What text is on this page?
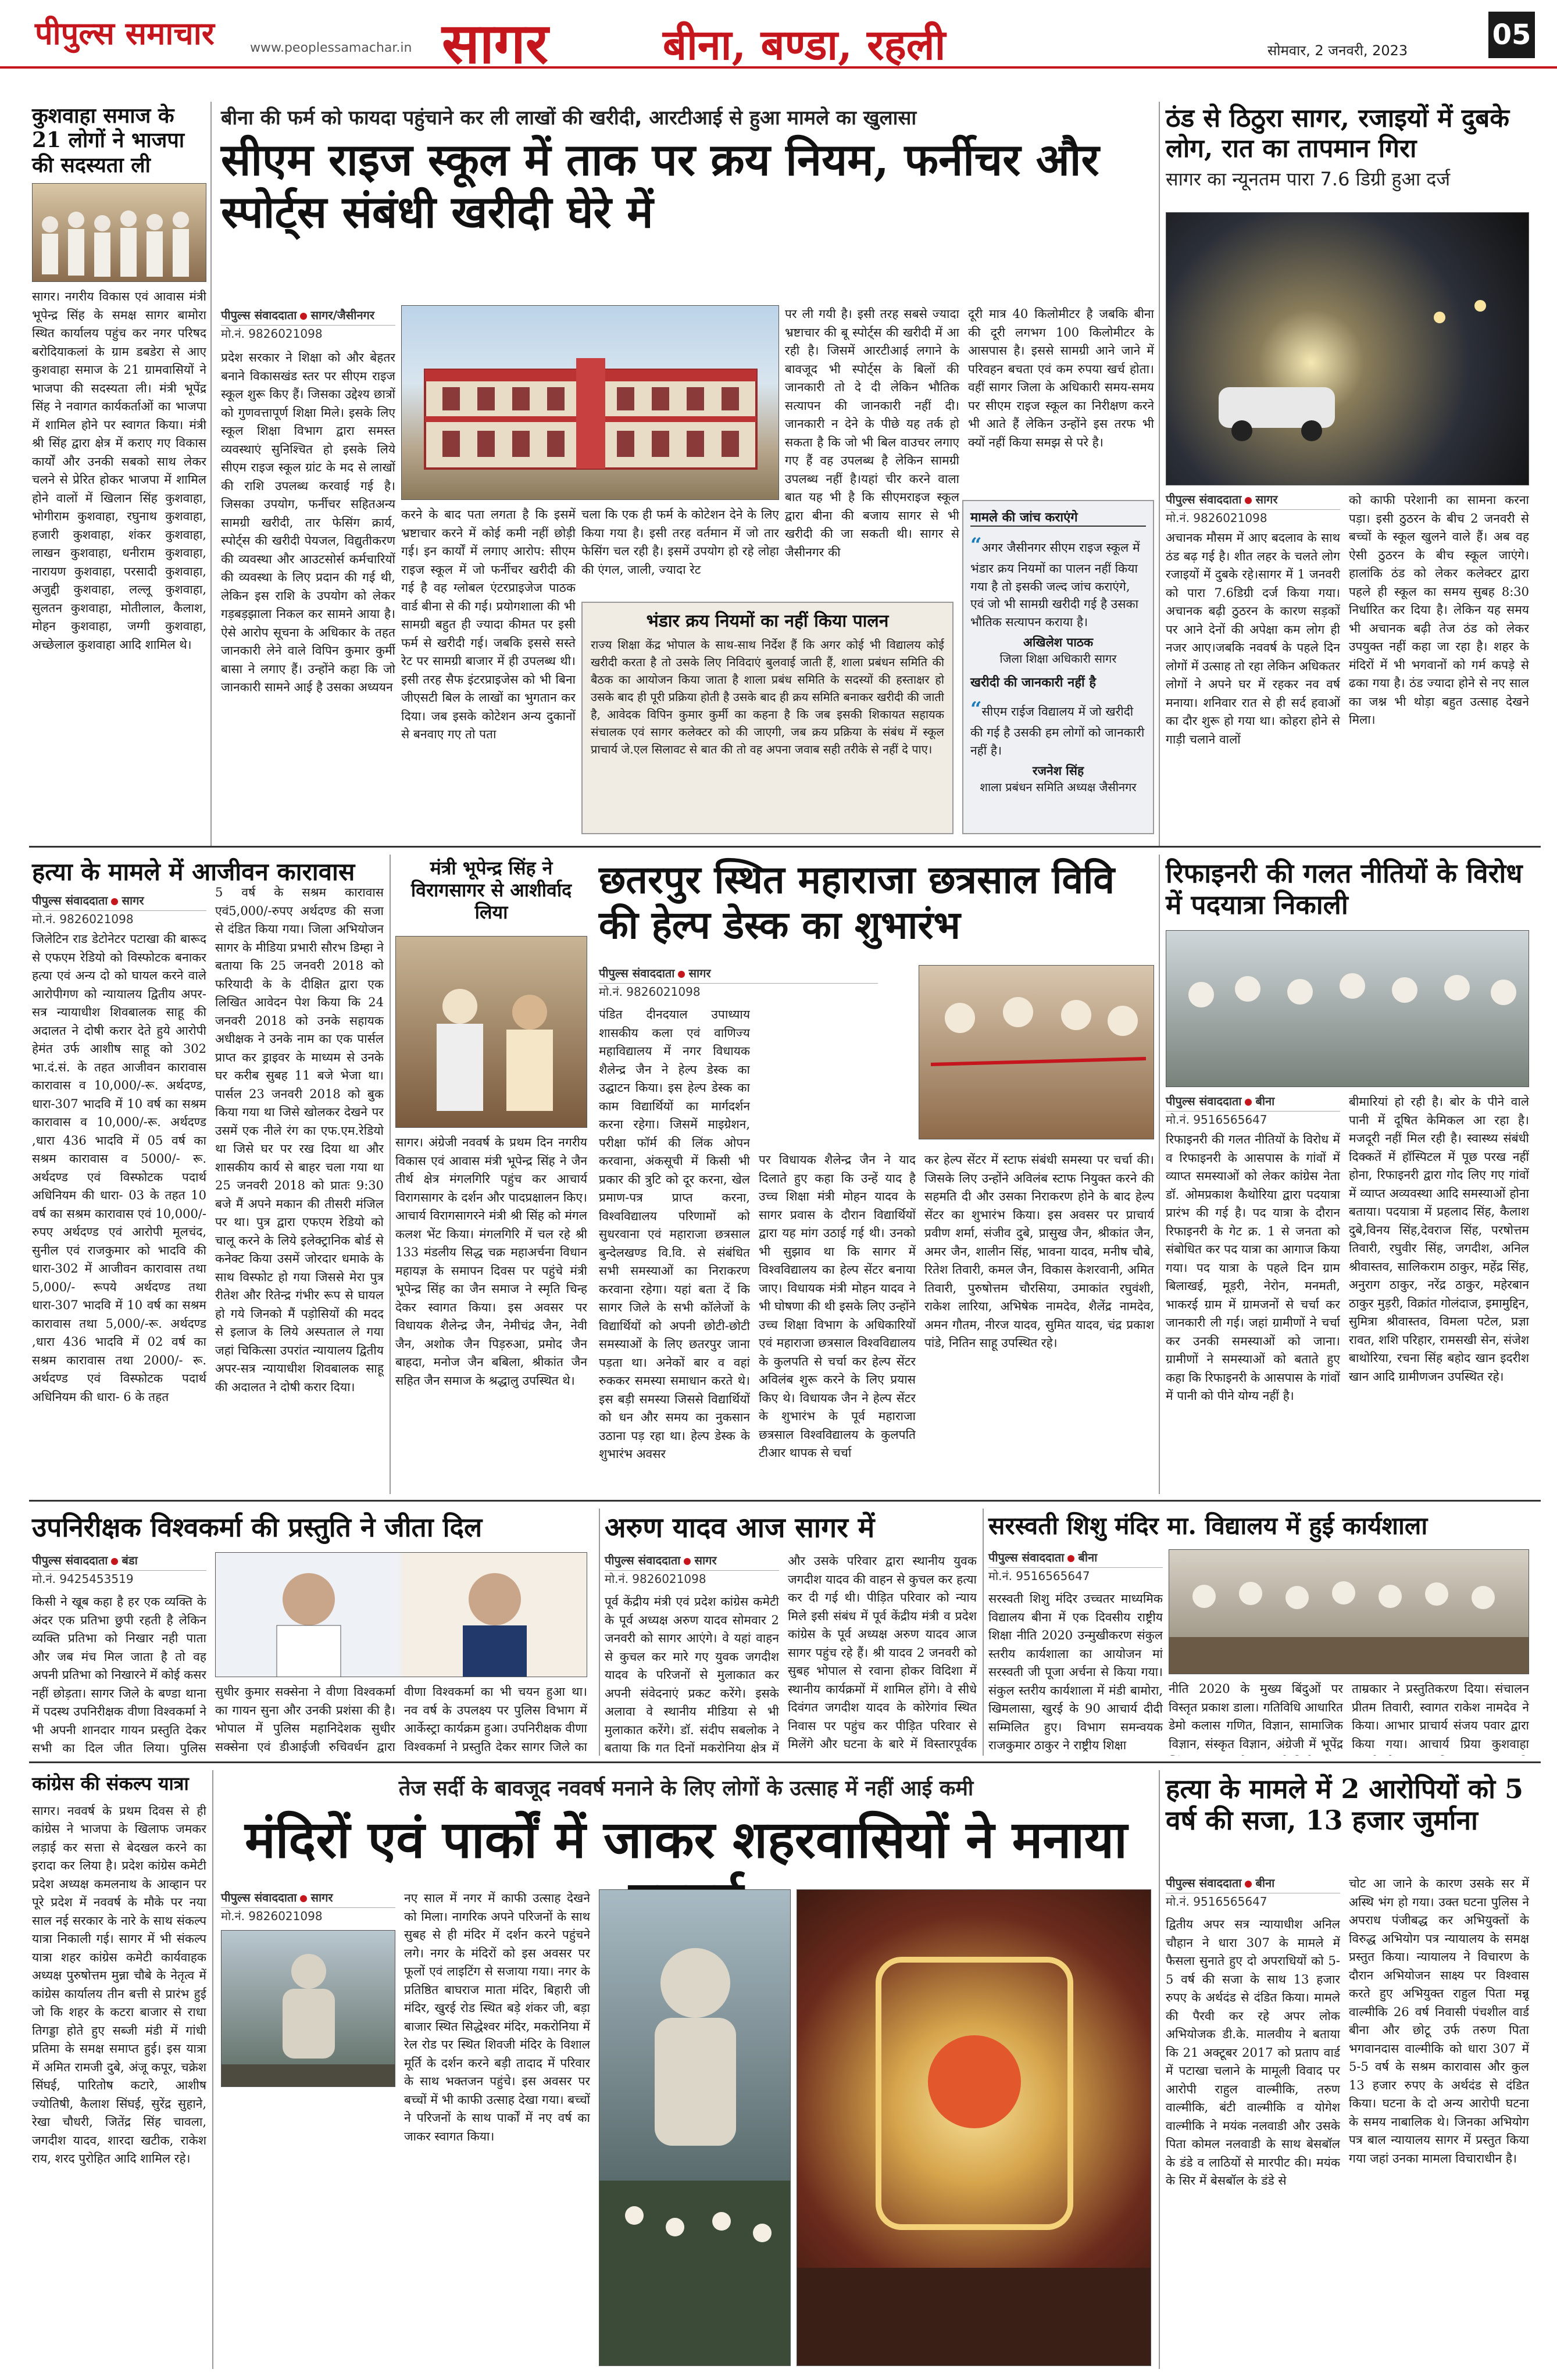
पीपुल्स समाचार	www.peoplessamachar.in सागर	बीना, बण्डा, रहली	सोमवार, 2 जनवरी, 2023	05
कुशवाहा समाज के 21 लोगों ने भाजपा की सदस्यता ली
सागर। नगरीय विकास एवं आवास मंत्री भूपेन्द्र सिंह के समक्ष सागर बामोरा स्थित कार्यालय पहुंच कर नगर परिषद बरोदियाकलां के ग्राम डबडेरा से आए कुशवाहा समाज के 21 ग्रामवासियों ने भाजपा की सदस्यता ली। मंत्री भूपेंद्र सिंह ने नवागत कार्यकर्ताओं का भाजपा में शामिल होने पर स्वागत किया। मंत्री श्री सिंह द्वारा क्षेत्र में कराए गए विकास कार्यों और उनकी सबको साथ लेकर चलने से प्रेरित होकर भाजपा में शामिल होने वालों में खिलान सिंह कुशवाहा, भोगीराम कुशवाहा, रघुनाथ कुशवाहा, हजारी कुशवाहा, शंकर कुशवाहा, लाखन कुशवाहा, धनीराम कुशवाहा, नारायण कुशवाहा, परसादी कुशवाहा, अजुद्दी कुशवाहा, लल्लू कुशवाहा, सुलतन कुशवाहा, मोतीलाल, कैलाश, मोहन कुशवाहा, जग्गी कुशवाहा, अच्छेलाल कुशवाहा आदि शामिल थे।
बीना की फर्म को फायदा पहुंचाने कर ली लाखों की खरीदी, आरटीआई से हुआ मामले का खुलासा
सीएम राइज स्कूल में ताक पर क्रय नियम, फर्नीचर और स्पोर्ट्स संबंधी खरीदी घेरे में
पीपुल्स संवाददाता सागर/जैसीनगर
मो.नं. 9826021098
प्रदेश सरकार ने शिक्षा को और बेहतर बनाने विकासखंड स्तर पर सीएम राइज स्कूल शुरू किए हैं। जिसका उद्देश्य छात्रों को गुणवत्तापूर्ण शिक्षा मिले। इसके लिए स्कूल शिक्षा विभाग द्वारा समस्त व्यवस्थाएं सुनिश्चित हो इसके लिये सीएम राइज स्कूल ग्रांट के मद से लाखों की राशि उपलब्ध करवाई गई है। जिसका उपयोग, फर्नीचर सहितअन्य सामग्री खरीदी, तार फेसिंग क्रार्य, स्पोर्ट्स की खरीदी पेयजल, विद्युतीकरण की व्यवस्था और आउटसोर्स कर्मचारियों की व्यवस्था के लिए प्रदान की गई थी, लेकिन इस राशि के उपयोग को लेकर गड़बड़झाला निकल कर सामने आया है। ऐसे आरोप सूचना के अधिकार के तहत जानकारी लेने वाले विपिन कुमार कुर्मी बासा ने लगाए हैं। उन्होंने कहा कि जो जानकारी सामने आई है उसका अध्ययन
करने के बाद पता लगता है कि इसमें भ्रष्टाचार करने में कोई कमी नहीं छोड़ी गई। इन कार्यों में लगाए आरोप: सीएम राइज स्कूल में जो फर्नीचर खरीदी की गई है वह ग्लोबल एंटरप्राइजेज पाठक वार्ड बीना से की गई। प्रयोगशाला की भी सामग्री बहुत ही ज्यादा कीमत पर इसी फर्म से खरीदी गई। जबकि इससे सस्ते रेट पर सामग्री बाजार में ही उपलब्ध थी। इसी तरह सैफ इंटरप्राइजेस को भी बिना जीएसटी बिल के लाखों का भुगतान कर दिया। जब इसके कोटेशन अन्य दुकानों से बनवाए गए तो पता
चला कि एक ही फर्म के कोटेशन देने के लिए किया गया है। इसी तरह वर्तमान में जो तार फेसिंग चल रही है। इसमें उपयोग हो रहे लोहा की एंगल, जाली, ज्यादा रेट
पर ली गयी है। इसी तरह सबसे ज्यादा भ्रष्टाचार की बू स्पोर्ट्स की खरीदी में आ रही है। जिसमें आरटीआई लगाने के बावजूद भी स्पोर्ट्स के बिलों की जानकारी तो दे दी लेकिन भौतिक सत्यापन की जानकारी नहीं दी। जानकारी न देने के पीछे यह तर्क हो सकता है कि जो भी बिल वाउचर लगाए गए हैं वह उपलब्ध है लेकिन सामग्री उपलब्ध नहीं है।यहां चीर करने वाला बात यह भी है कि सीएमराइज स्कूल द्वारा बीना की बजाय सागर से भी खरीदी की जा सकती थी। सागर से जैसीनगर की
दूरी मात्र 40 किलोमीटर है जबकि बीना की दूरी लगभग 100 किलोमीटर के आसपास है। इससे सामग्री आने जाने में परिवहन बचता एवं कम रुपया खर्च होता। वहीं सागर जिला के अधिकारी समय-समय पर सीएम राइज स्कूल का निरीक्षण करने भी आते हैं लेकिन उन्होंने इस तरफ भी क्यों नहीं किया समझ से परे है।
भंडार क्रय नियमों का नहीं किया पालन
राज्य शिक्षा केंद्र भोपाल के साथ-साथ निर्देश हैं कि अगर कोई भी विद्यालय कोई खरीदी करता है तो उसके लिए निविदाएं बुलवाई जाती हैं, शाला प्रबंधन समिति की बैठक का आयोजन किया जाता है शाला प्रबंध समिति के सदस्यों की हस्ताक्षर हो उसके बाद ही पूरी प्रक्रिया होती है उसके बाद ही क्रय समिति बनाकर खरीदी की जाती है, आवेदक विपिन कुमार कुर्मी का कहना है कि जब इसकी शिकायत सहायक संचालक एवं सागर कलेक्टर को की जाएगी, जब क्रय प्रक्रिया के संबंध में स्कूल प्राचार्य जे.एल सिलावट से बात की तो वह अपना जवाब सही तरीके से नहीं दे पाए।
मामले की जांच कराएंगे
“अगर जैसीनगर सीएम राइज स्कूल में भंडार क्रय नियमों का पालन नहीं किया गया है तो इसकी जल्द जांच कराएंगे, एवं जो भी सामग्री खरीदी गई है उसका भौतिक सत्यापन कराया है।
अखिलेश पाठक
जिला शिक्षा अधिकारी सागर
खरीदी की जानकारी नहीं है
“सीएम राईज विद्यालय में जो खरीदी की गई है उसकी हम लोगों को जानकारी नहीं है।
रजनेश सिंह
शाला प्रबंधन समिति अध्यक्ष जैसीनगर
ठंड से ठिठुरा सागर, रजाइयों में दुबके लोग, रात का तापमान गिरा
सागर का न्यूनतम पारा 7.6 डिग्री हुआ दर्ज
पीपुल्स संवाददाता सागर
मो.नं. 9826021098
अचानक मौसम में आए बदलाव के साथ ठंड बढ़ गई है। शीत लहर के चलते लोग रजाइयों में दुबके रहे।सागर में 1 जनवरी को पारा 7.6डिग्री दर्ज किया गया। अचानक बढ़ी ठुठरन के कारण सड़कों पर आने देनों की अपेक्षा कम लोग ही नजर आए।जबकि नववर्ष के पहले दिन लोगों में उत्साह तो रहा लेकिन अधिकतर लोगों ने अपने घर में रहकर नव वर्ष मनाया। शनिवार रात से ही सर्द हवाओं का दौर शुरू हो गया था। कोहरा होने से गाड़ी चलाने वालों
को काफी परेशानी का सामना करना पड़ा। इसी ठुठरन के बीच 2 जनवरी से बच्चों के स्कूल खुलने वाले हैं। अब वह ऐसी ठुठरन के बीच स्कूल जाएंगे। हालांकि ठंड को लेकर कलेक्टर द्वारा पहले ही स्कूल का समय सुबह 8:30 निर्धारित कर दिया है। लेकिन यह समय भी अचानक बढ़ी तेज ठंड को लेकर उपयुक्त नहीं कहा जा रहा है। शहर के मंदिरों में भी भगवानों को गर्म कपड़े से ढका गया है। ठंड ज्यादा होने से नए साल का जश्न भी थोड़ा बहुत उत्साह देखने मिला।
हत्या के मामले में आजीवन कारावास
पीपुल्स संवाददाता सागर
मो.नं. 9826021098
जिलेटिन राड डेटोनेटर पटाखा की बारूद से एफएम रेडियो को विस्फोटक बनाकर हत्या एवं अन्य दो को घायल करने वाले आरोपीगण को न्यायालय द्वितीय अपर-सत्र न्यायाधीश शिवबालक साहू की अदालत ने दोषी करार देते हुये आरोपी हेमंत उर्फ आशीष साहू को 302 भा.दं.सं. के तहत आजीवन कारावास कारावास व 10,000/-रू. अर्थदण्ड, धारा-307 भादवि में 10 वर्ष का सश्रम कारावास व 10,000/-रू. अर्थदण्ड ,धारा 436 भादवि में 05 वर्ष का सश्रम कारावास व 5000/- रू. अर्थदण्ड एवं विस्फोटक पदार्थ अधिनियम की धारा- 03 के तहत 10 वर्ष का सश्रम कारावास एवं 10,000/- रुपए अर्थदण्ड एवं आरोपी मूलचंद, सुनील एवं राजकुमार को भादवि की धारा-302 में आजीवन कारावास तथा 5,000/- रूपये अर्थदण्ड तथा धारा-307 भादवि में 10 वर्ष का सश्रम कारावास तथा 5,000/-रू. अर्थदण्ड ,धारा 436 भादवि में 02 वर्ष का सश्रम कारावास तथा 2000/- रू. अर्थदण्ड एवं विस्फोटक पदार्थ अधिनियम की धारा- 6 के तहत
5 वर्ष के सश्रम कारावास एवं5,000/-रुपए अर्थदण्ड की सजा से दंडित किया गया। जिला अभियोजन सागर के मीडिया प्रभारी सौरभ डिम्हा ने बताया कि 25 जनवरी 2018 को फरियादी के के दीक्षित द्वारा एक लिखित आवेदन पेश किया कि 24 जनवरी 2018 को उनके सहायक अधीक्षक ने उनके नाम का एक पार्सल प्राप्त कर ड्राइवर के माध्यम से उनके घर करीब सुबह 11 बजे भेजा था। पार्सल 23 जनवरी 2018 को बुक किया गया था जिसे खोलकर देखने पर उसमें एक नीले रंग का एफ.एम.रेडियो था जिसे घर पर रख दिया था और शासकीय कार्य से बाहर चला गया था 25 जनवरी 2018 को प्रातः 9:30 बजे मैं अपने मकान की तीसरी मंजिल पर था। पुत्र द्वारा एफएम रेडियो को चालू करने के लिये इलेक्ट्रानिक बोर्ड से कनेक्ट किया उसमें जोरदार धमाके के साथ विस्फोट हो गया जिससे मेरा पुत्र रीतेश और रितेन्द्र गंभीर रूप से घायल हो गये जिनको मैं पड़ोसियों की मदद से इलाज के लिये अस्पताल ले गया जहां चिकित्सा उपरांत न्यायालय द्वितीय अपर-सत्र न्यायाधीश शिवबालक साहू की अदालत ने दोषी करार दिया।
मंत्री भूपेन्द्र सिंह ने विरागसागर से आशीर्वाद लिया
सागर। अंग्रेजी नववर्ष के प्रथम दिन नगरीय विकास एवं आवास मंत्री भूपेन्द्र सिंह ने जैन तीर्थ क्षेत्र मंगलगिरि पहुंच कर आचार्य विरागसागर के दर्शन और पादप्रक्षालन किए। आचार्य विरागसागरने मंत्री श्री सिंह को मंगल कलश भेंट किया। मंगलगिरि में चल रहे श्री 133 मंडलीय सिद्ध चक्र महाअर्चना विधान महायज्ञ के समापन दिवस पर पहुंचे मंत्री भूपेन्द्र सिंह का जैन समाज ने स्मृति चिन्ह देकर स्वागत किया। इस अवसर पर विधायक शैलेन्द्र जैन, नेमीचंद्र जैन, नेवी जैन, अशोक जैन पिड़रुआ, प्रमोद जैन बाहदा, मनोज जैन बबिला, श्रीकांत जैन सहित जैन समाज के श्रद्धालु उपस्थित थे।
छतरपुर स्थित महाराजा छत्रसाल विवि की हेल्प डेस्क का शुभारंभ
पीपुल्स संवाददाता सागर
मो.नं. 9826021098
पंडित दीनदयाल उपाध्याय शासकीय कला एवं वाणिज्य महाविद्यालय में नगर विधायक शैलेन्द्र जैन ने हेल्प डेस्क का उद्घाटन किया। इस हेल्प डेस्क का काम विद्यार्थियों का मार्गदर्शन करना रहेगा। जिसमें माइग्रेशन, परीक्षा फॉर्म की लिंक ओपन करवाना, अंकसूची में किसी भी प्रकार की त्रुटि को दूर करना, खेल प्रमाण-पत्र प्राप्त करना, विश्वविद्यालय परिणामों को सुधरवाना एवं महाराजा छत्रसाल बुन्देलखण्ड वि.वि. से संबंधित सभी समस्याओं का निराकरण करवाना रहेगा। यहां बता दें कि सागर जिले के सभी कॉलेजों के विद्यार्थियों को अपनी छोटी-छोटी समस्याओं के लिए छतरपुर जाना पड़ता था। अनेकों बार व वहां रुककर समस्या समाधान करते थे। इस बड़ी समस्या जिससे विद्यार्थियों को धन और समय का नुकसान उठाना पड़ रहा था। हेल्प डेस्क के शुभारंभ अवसर
पर विधायक शैलेन्द्र जैन ने याद दिलाते हुए कहा कि उन्हें याद है उच्च शिक्षा मंत्री मोहन यादव के सागर प्रवास के दौरान विद्यार्थियों द्वारा यह मांग उठाई गई थी। उनको भी सुझाव था कि सागर में विश्वविद्यालय का हेल्प सेंटर बनाया जाए। विधायक मंत्री मोहन यादव ने भी घोषणा की थी इसके लिए उन्होंने उच्च शिक्षा विभाग के अधिकारियों एवं महाराजा छत्रसाल विश्वविद्यालय के कुलपति से चर्चा कर हेल्प सेंटर अविलंब शुरू करने के लिए प्रयास किए थे। विधायक जैन ने हेल्प सेंटर के शुभारंभ के पूर्व महाराजा छत्रसाल विश्वविद्यालय के कुलपति टीआर थापक से चर्चा
कर हेल्प सेंटर में स्टाफ संबंधी समस्या पर चर्चा की। जिसके लिए उन्होंने अविलंब स्टाफ नियुक्त करने की सहमति दी और उसका निराकरण होने के बाद हेल्प सेंटर का शुभारंभ किया। इस अवसर पर प्राचार्य प्रवीण शर्मा, संजीव दुबे, प्रासुख जैन, श्रीकांत जैन, अमर जैन, शालीन सिंह, भावना यादव, मनीष चौबे, रितेश तिवारी, कमल जैन, विकास केशरवानी, अमित तिवारी, पुरुषोत्तम चौरसिया, उमाकांत रघुवंशी, राकेश लारिया, अभिषेक नामदेव, शैलेंद्र नामदेव, अमन गौतम, नीरज यादव, सुमित यादव, चंद्र प्रकाश पांडे, नितिन साहू उपस्थित रहे।
रिफाइनरी की गलत नीतियों के विरोध में पदयात्रा निकाली
पीपुल्स संवाददाता बीना
मो.नं. 9516565647
रिफाइनरी की गलत नीतियों के विरोध में व रिफाइनरी के आसपास के गांवों में व्याप्त समस्याओं को लेकर कांग्रेस नेता डॉ. ओमप्रकाश कैथोरिया द्वारा पदयात्रा प्रारंभ की गई है। पद यात्रा के दौरान रिफाइनरी के गेट क्र. 1 से जनता को संबोधित कर पद यात्रा का आगाज किया गया। पद यात्रा के पहले दिन ग्राम बिलाखई, मूड़री, नेरोन, मनमती, भाकरई ग्राम में ग्रामजनों से चर्चा कर जानकारी ली गई। जहां ग्रामीणों ने चर्चा कर उनकी समस्याओं को जाना। ग्रामीणों ने समस्याओं को बताते हुए कहा कि रिफाइनरी के आसपास के गांवों में पानी को पीने योग्य नहीं है।
बीमारियां हो रही है। बोर के पीने वाले पानी में दूषित केमिकल आ रहा है। मजदूरी नहीं मिल रही है। स्वास्थ्य संबंधी दिक्कतें में हॉस्पिटल में पूछ परख नहीं होना, रिफाइनरी द्वारा गोद लिए गए गांवों में व्याप्त अव्यवस्था आदि समस्याओं होना बताया। पदयात्रा में प्रहलाद सिंह, कैलाश दुबे,विनय सिंह,देवराज सिंह, परषोत्तम तिवारी, रघुवीर सिंह, जगदीश, अनिल श्रीवास्तव, सालिकराम ठाकुर, महेंद्र सिंह, अनुराग ठाकुर, नरेंद्र ठाकुर, महेरबान ठाकुर मुड़री, विक्रांत गोलंदाज, इमामुद्दिन, सुमित्रा श्रीवास्तव, विमला पटेल, प्रज्ञा रावत, शशि परिहार, रामसखी सेन, संजेश बाथोरिया, रचना सिंह बहोद खान इदरीश खान आदि ग्रामीणजन उपस्थित रहे।
उपनिरीक्षक विश्वकर्मा की प्रस्तुति ने जीता दिल
पीपुल्स संवाददाता बंडा
मो.नं. 9425453519
किसी ने खूब कहा है हर एक व्यक्ति के अंदर एक प्रतिभा छुपी रहती है लेकिन व्यक्ति प्रतिभा को निखार नही पाता और जब मंच मिल जाता है तो वह अपनी प्रतिभा को निखारने में कोई कसर नहीं छोड़ता। सागर जिले के बण्डा थाना में पदस्थ उपनिरीक्षक वीणा विश्वकर्मा ने भी अपनी शानदार गायन प्रस्तुति देकर सभी का दिल जीत लिया। पुलिस
सुधीर कुमार सक्सेना ने वीणा विश्वकर्मा का गायन सुना और उनकी प्रशंसा की है। भोपाल में पुलिस महानिदेशक सुधीर सक्सेना एवं डीआईजी रुचिवर्धन द्वारा
वीणा विश्वकर्मा का भी चयन हुआ था। नव वर्ष के उपलक्ष्य पर पुलिस विभाग में आर्केस्ट्रा कार्यक्रम हुआ। उपनिरीक्षक वीणा विश्वकर्मा ने प्रस्तुति देकर सागर जिले का
अरुण यादव आज सागर में
पीपुल्स संवाददाता सागर
मो.नं. 9826021098
पूर्व केंद्रीय मंत्री एवं प्रदेश कांग्रेस कमेटी के पूर्व अध्यक्ष अरुण यादव सोमवार 2 जनवरी को सागर आएंगे। वे यहां वाहन से कुचल कर मारे गए युवक जगदीश यादव के परिजनों से मुलाकात कर अपनी संवेदनाएं प्रकट करेंगे। इसके अलावा वे स्थानीय मीडिया से भी मुलाकात करेंगे। डॉ. संदीप सबलोक ने बताया कि गत दिनों मकरोनिया क्षेत्र में
और उसके परिवार द्वारा स्थानीय युवक जगदीश यादव की वाहन से कुचल कर हत्या कर दी गई थी। पीड़ित परिवार को न्याय मिले इसी संबंध में पूर्व केंद्रीय मंत्री व प्रदेश कांग्रेस के पूर्व अध्यक्ष अरुण यादव आज सागर पहुंच रहे हैं। श्री यादव 2 जनवरी को सुबह भोपाल से रवाना होकर विदिशा में स्थानीय कार्यक्रमों में शामिल होंगे। वे सीधे दिवंगत जगदीश यादव के कोरेगांव स्थित निवास पर पहुंच कर पीड़ित परिवार से मिलेंगे और घटना के बारे में विस्तारपूर्वक
सरस्वती शिशु मंदिर मा. विद्यालय में हुई कार्यशाला
पीपुल्स संवाददाता बीना
मो.नं. 9516565647
सरस्वती शिशु मंदिर उच्चतर माध्यमिक विद्यालय बीना में एक दिवसीय राष्ट्रीय शिक्षा नीति 2020 उन्मुखीकरण संकुल स्तरीय कार्यशाला का आयोजन मां सरस्वती जी पूजा अर्चना से किया गया। संकुल स्तरीय कार्यशाला में मंडी बामोरा, खिमलासा, खुरई के 90 आचार्य दीदी सम्मिलित हुए। विभाग समन्वयक राजकुमार ठाकुर ने राष्ट्रीय शिक्षा
नीति 2020 के मुख्य बिंदुओं पर विस्तृत प्रकाश डाला। गतिविधि आधारित डेमो कलास गणित, विज्ञान, सामाजिक विज्ञान, संस्कृत विज्ञान, अंग्रेजी में भूपेंद्र
ताम्रकार ने प्रस्तुतिकरण दिया। संचालन प्रीतम तिवारी, स्वागत राकेश नामदेव ने किया। आभार प्राचार्य संजय पवार द्वारा किया गया। आचार्य प्रिया कुशवाहा
कांग्रेस की संकल्प यात्रा
सागर। नववर्ष के प्रथम दिवस से ही कांग्रेस ने भाजपा के खिलाफ जमकर लड़ाई कर सत्ता से बेदखल करने का इरादा कर लिया है। प्रदेश कांग्रेस कमेटी प्रदेश अध्यक्ष कमलनाथ के आव्हान पर पूरे प्रदेश में नववर्ष के मौके पर नया साल नई सरकार के नारे के साथ संकल्प यात्रा निकाली गई। सागर में भी संकल्प यात्रा शहर कांग्रेस कमेटी कार्यवाहक अध्यक्ष पुरुषोत्तम मुन्ना चौबे के नेतृत्व में कांग्रेस कार्यालय तीन बत्ती से प्रारंभ हुई जो कि शहर के कटरा बाजार से राधा तिगड्डा होते हुए सब्जी मंडी में गांधी प्रतिमा के समक्ष समाप्त हुई। इस यात्रा में अमित रामजी दुबे, अंजू कपूर, चक्रेश सिंघई, पारितोष कटारे, आशीष ज्योतिषी, कैलाश सिंघई, सुरेंद्र सुहाने, रेखा चौधरी, जितेंद्र सिंह चावला, जगदीश यादव, शारदा खटीक, राकेश राय, शरद पुरोहित आदि शामिल रहे।
तेज सर्दी के बावजूद नववर्ष मनाने के लिए लोगों के उत्साह में नहीं आई कमी
मंदिरों एवं पार्कों में जाकर शहरवासियों ने मनाया
पीपुल्स संवाददाता सागर
मो.नं. 9826021098
नए साल में नगर में काफी उत्साह देखने को मिला। नागरिक अपने परिजनों के साथ सुबह से ही मंदिर में दर्शन करने पहुंचने लगे। नगर के मंदिरों को इस अवसर पर फूलों एवं लाइटिंग से सजाया गया। नगर के प्रतिष्ठित बाघराज माता मंदिर, बिहारी जी मंदिर, खुरई रोड स्थित बड़े शंकर जी, बड़ा बाजार स्थित सिद्धेश्वर मंदिर, मकरोनिया में रेल रोड पर स्थित शिवजी मंदिर के विशाल मूर्ति के दर्शन करने बड़ी तादाद में परिवार के साथ भक्तजन पहुंचे। इस अवसर पर बच्चों में भी काफी उत्साह देखा गया। बच्चों ने परिजनों के साथ पार्कों में नए वर्ष का जाकर स्वागत किया।
हत्या के मामले में 2 आरोपियों को 5 वर्ष की सजा, 13 हजार जुर्माना
पीपुल्स संवाददाता बीना
मो.नं. 9516565647
द्वितीय अपर सत्र न्यायाधीश अनिल चौहान ने धारा 307 के मामले में फैसला सुनाते हुए दो अपराधियों को 5-5 वर्ष की सजा के साथ 13 हजार रुपए के अर्थदंड से दंडित किया। मामले की पैरवी कर रहे अपर लोक अभियोजक डी.के. मालवीय ने बताया कि 21 अक्टूबर 2017 को प्रताप वार्ड में पटाखा चलाने के मामूली विवाद पर आरोपी राहुल वाल्मीकि, तरुण वाल्मीकि, बंटी वाल्मीकि व योगेश वाल्मीकि ने मयंक नलवाडी और उसके पिता कोमल नलवाडी के साथ बेसबॉल के डंडे व लाठियों से मारपीट की। मयंक के सिर में बेसबॉल के डंडे से
चोट आ जाने के कारण उसके सर में अस्थि भंग हो गया। उक्त घटना पुलिस ने अपराध पंजीबद्ध कर अभियुक्तों के विरुद्ध अभियोग पत्र न्यायालय के समक्ष प्रस्तुत किया। न्यायालय ने विचारण के दौरान अभियोजन साक्ष्य पर विश्वास करते हुए अभियुक्त राहुल पिता मन्नू वाल्मीकि 26 वर्ष निवासी पंचशील वार्ड बीना और छोटू उर्फ तरुण पिता भगवानदास वाल्मीकि को धारा 307 में 5-5 वर्ष के सश्रम कारावास और कुल 13 हजार रुपए के अर्थदंड से दंडित किया। घटना के दो अन्य आरोपी घटना के समय नाबालिक थे। जिनका अभियोग पत्र बाल न्यायालय सागर में प्रस्तुत किया गया जहां उनका मामला विचाराधीन है।
